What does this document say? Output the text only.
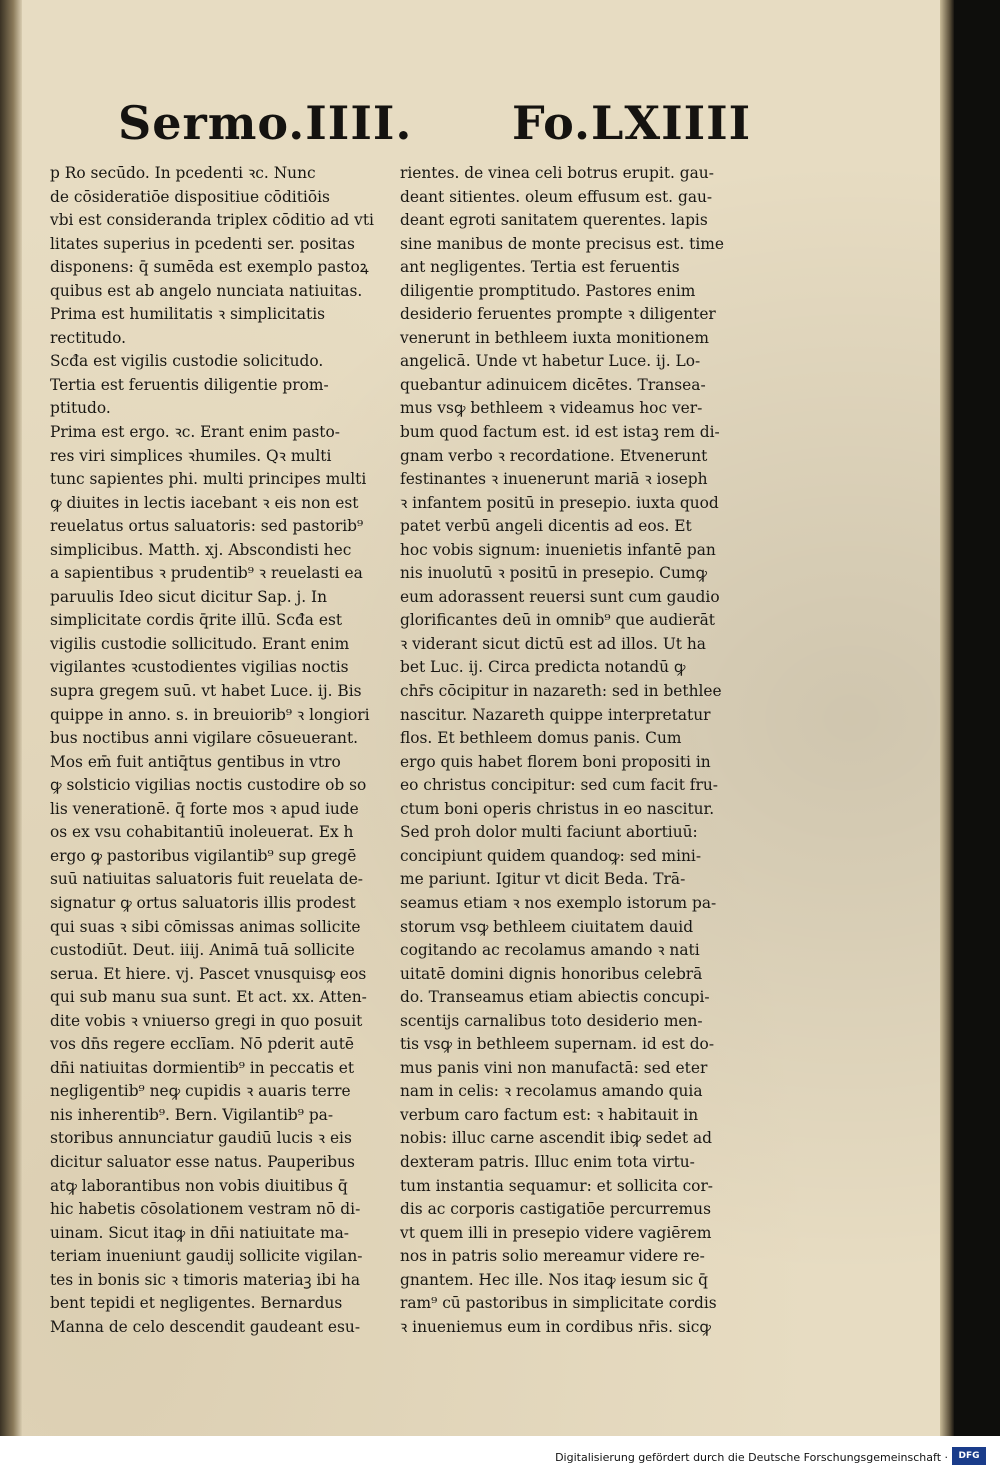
Sermo.IIII. Fo.LXIIII
p Ro secūdo. In pcedenti ꝛc. Nunc
de cōsideratiōe dispositiue cōditiōis
vbi est consideranda triplex cōditio ad vti
litates superius in pcedenti ser. positas
disponens: q̄ sumēda est exemplo pastoꝝ
quibus est ab angelo nunciata natiuitas.
Prima est humilitatis ꝛ simplicitatis
rectitudo.
Scđa est vigilis custodie solicitudo.
Tertia est feruentis diligentie prom-
ptitudo.
Prima est ergo. ꝛc. Erant enim pasto-
res viri simplices ꝛhumiles. Qꝛ multi
tunc sapientes phi. multi principes multi
ꝙ diuites in lectis iacebant ꝛ eis non est
reuelatus ortus saluatoris: sed pastorib⁹
simplicibus. Matth. xj. Abscondisti hec
a sapientibus ꝛ prudentib⁹ ꝛ reuelasti ea
paruulis Ideo sicut dicitur Sap. j. In
simplicitate cordis q̄rite illū. Scđa est
vigilis custodie sollicitudo. Erant enim
vigilantes ꝛcustodientes vigilias noctis
supra gregem suū. vt habet Luce. ij. Bis
quippe in anno. s. in breuiorib⁹ ꝛ longiori
bus noctibus anni vigilare cōsueuerant.
Mos em̄ fuit antiq̄tus gentibus in vtro
ꝙ solsticio vigilias noctis custodire ob so
lis venerationē. q̄ forte mos ꝛ apud iude
os ex vsu cohabitantiū inoleuerat. Ex h
ergo ꝙ pastoribus vigilantib⁹ sup gregē
suū natiuitas saluatoris fuit reuelata de-
signatur ꝙ ortus saluatoris illis prodest
qui suas ꝛ sibi cōmissas animas sollicite
custodiūt. Deut. iiij. Animā tuā sollicite
serua. Et hiere. vj. Pascet vnusquisꝙ eos
qui sub manu sua sunt. Et act. xx. Atten-
dite vobis ꝛ vniuerso gregi in quo posuit
vos dn̄s regere ecclīam. Nō pderit autē
dn̄i natiuitas dormientib⁹ in peccatis et
negligentib⁹ neꝙ cupidis ꝛ auaris terre
nis inherentib⁹. Bern. Vigilantib⁹ pa-
storibus annunciatur gaudiū lucis ꝛ eis
dicitur saluator esse natus. Pauperibus
atꝙ laborantibus non vobis diuitibus q̄
hic habetis cōsolationem vestram nō di-
uinam. Sicut itaꝙ in dn̄i natiuitate ma-
teriam inueniunt gaudij sollicite vigilan-
tes in bonis sic ꝛ timoris materiaꝫ ibi ha
bent tepidi et negligentes. Bernardus
Manna de celo descendit gaudeant esu-
rientes. de vinea celi botrus erupit. gau-
deant sitientes. oleum effusum est. gau-
deant egroti sanitatem querentes. lapis
sine manibus de monte precisus est. time
ant negligentes. Tertia est feruentis
diligentie promptitudo. Pastores enim
desiderio feruentes prompte ꝛ diligenter
venerunt in bethleem iuxta monitionem
angelicā. Unde vt habetur Luce. ij. Lo-
quebantur adinuicem dicētes. Transea-
mus vsꝙ bethleem ꝛ videamus hoc ver-
bum quod factum est. id est istaꝫ rem di-
gnam verbo ꝛ recordatione. Etvenerunt
festinantes ꝛ inuenerunt mariā ꝛ ioseph
ꝛ infantem positū in presepio. iuxta quod
patet verbū angeli dicentis ad eos. Et
hoc vobis signum: inuenietis infantē pan
nis inuolutū ꝛ positū in presepio. Cumꝙ
eum adorassent reuersi sunt cum gaudio
glorificantes deū in omnib⁹ que audierāt
ꝛ viderant sicut dictū est ad illos. Ut ha
bet Luc. ij. Circa predicta notandū ꝙ
chr̄s cōcipitur in nazareth: sed in bethlee
nascitur. Nazareth quippe interpretatur
flos. Et bethleem domus panis. Cum
ergo quis habet florem boni propositi in
eo christus concipitur: sed cum facit fru-
ctum boni operis christus in eo nascitur.
Sed proh dolor multi faciunt abortiuū:
concipiunt quidem quandoꝙ: sed mini-
me pariunt. Igitur vt dicit Beda. Trā-
seamus etiam ꝛ nos exemplo istorum pa-
storum vsꝙ bethleem ciuitatem dauid
cogitando ac recolamus amando ꝛ nati
uitatē domini dignis honoribus celebrā
do. Transeamus etiam abiectis concupi-
scentijs carnalibus toto desiderio men-
tis vsꝙ in bethleem supernam. id est do-
mus panis vini non manufactā: sed eter
nam in celis: ꝛ recolamus amando quia
verbum caro factum est: ꝛ habitauit in
nobis: illuc carne ascendit ibiꝙ sedet ad
dexteram patris. Illuc enim tota virtu-
tum instantia sequamur: et sollicita cor-
dis ac corporis castigatiōe percurremus
vt quem illi in presepio videre vagiērem
nos in patris solio mereamur videre re-
gnantem. Hec ille. Nos itaꝙ iesum sic q̄
ram⁹ cū pastoribus in simplicitate cordis
ꝛ inueniemus eum in cordibus nr̄is. sicꝙ
Digitalisierung gefördert durch die Deutsche Forschungsgemeinschaft ·	DFG
